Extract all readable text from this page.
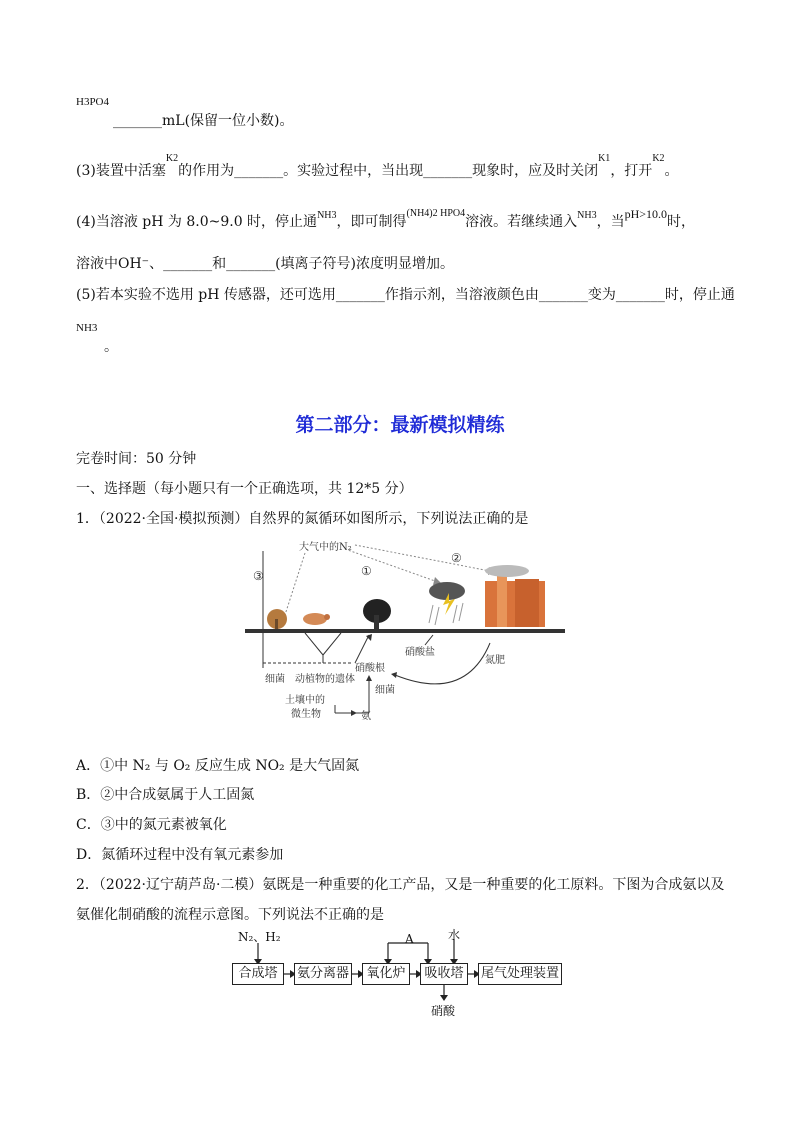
H3PO4
_______mL(保留一位小数)。
(3)装置中活塞$^{K2}$的作用为_______。实验过程中，当出现_______现象时，应及时关闭$^{K1}$，打开$^{K2}$。
(4)当溶液 pH 为 8.0~9.0 时，停止通$^{NH3}$，即可制得$^{(NH4)2 HPO4}$溶液。若继续通入$^{NH3}$，当pH>10.0时，
溶液中OH⁻、_______和_______(填离子符号)浓度明显增加。
(5)若本实验不选用 pH 传感器，还可选用_______作指示剂，当溶液颜色由_______变为_______时，停止通
NH3
。
第二部分：最新模拟精练
完卷时间：50 分钟
一、选择题（每小题只有一个正确选项，共 12*5 分）
1．（2022·全国·模拟预测）自然界的氮循环如图所示，下列说法正确的是
大气中的N₂
③	①
②
硝酸根
硝酸盐
氮肥
细菌 动植物的遗体
细菌
土壤中的
微生物	氨
A．①中 N₂ 与 O₂ 反应生成 NO₂ 是大气固氮
B．②中合成氨属于人工固氮
C．③中的氮元素被氧化
D．氮循环过程中没有氧元素参加
2．（2022·辽宁葫芦岛·二模）氨既是一种重要的化工产品，又是一种重要的化工原料。下图为合成氨以及
氨催化制硝酸的流程示意图。下列说法不正确的是
N₂、H₂	A	水
合成塔	氨分离器	氧化炉	吸收塔	尾气处理装置
硝酸
